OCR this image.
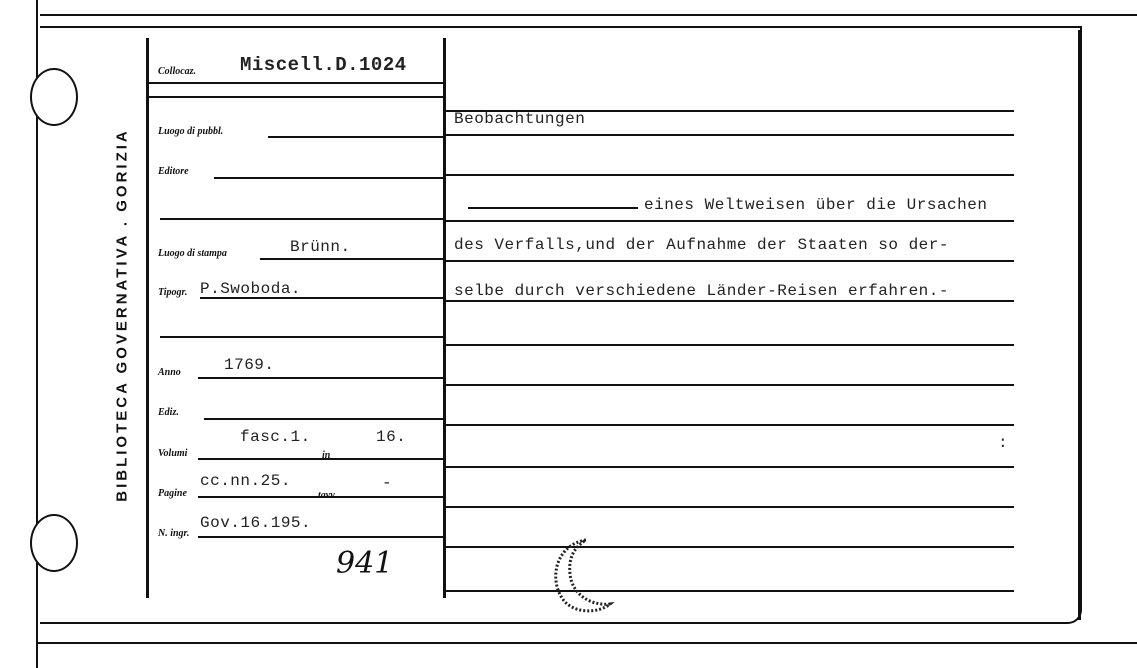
BIBLIOTECA GOVERNATIVA . GORIZIA
Collocaz. Miscell.D.1024
Luogo di pubbl.
Editore
Luogo di stampa	Brünn.
Tipogr. P.Swoboda.
Anno	1769.
Ediz.
Volumi
fasc.1.
in
16.
Pagine
cc.nn.25.
tavv.
-
N. ingr.
Gov.16.195.
941
Beobachtungen
eines Weltweisen über die Ursachen
des Verfalls,und der Aufnahme der Staaten so der-
selbe durch verschiedene Länder-Reisen erfahren.-
:
